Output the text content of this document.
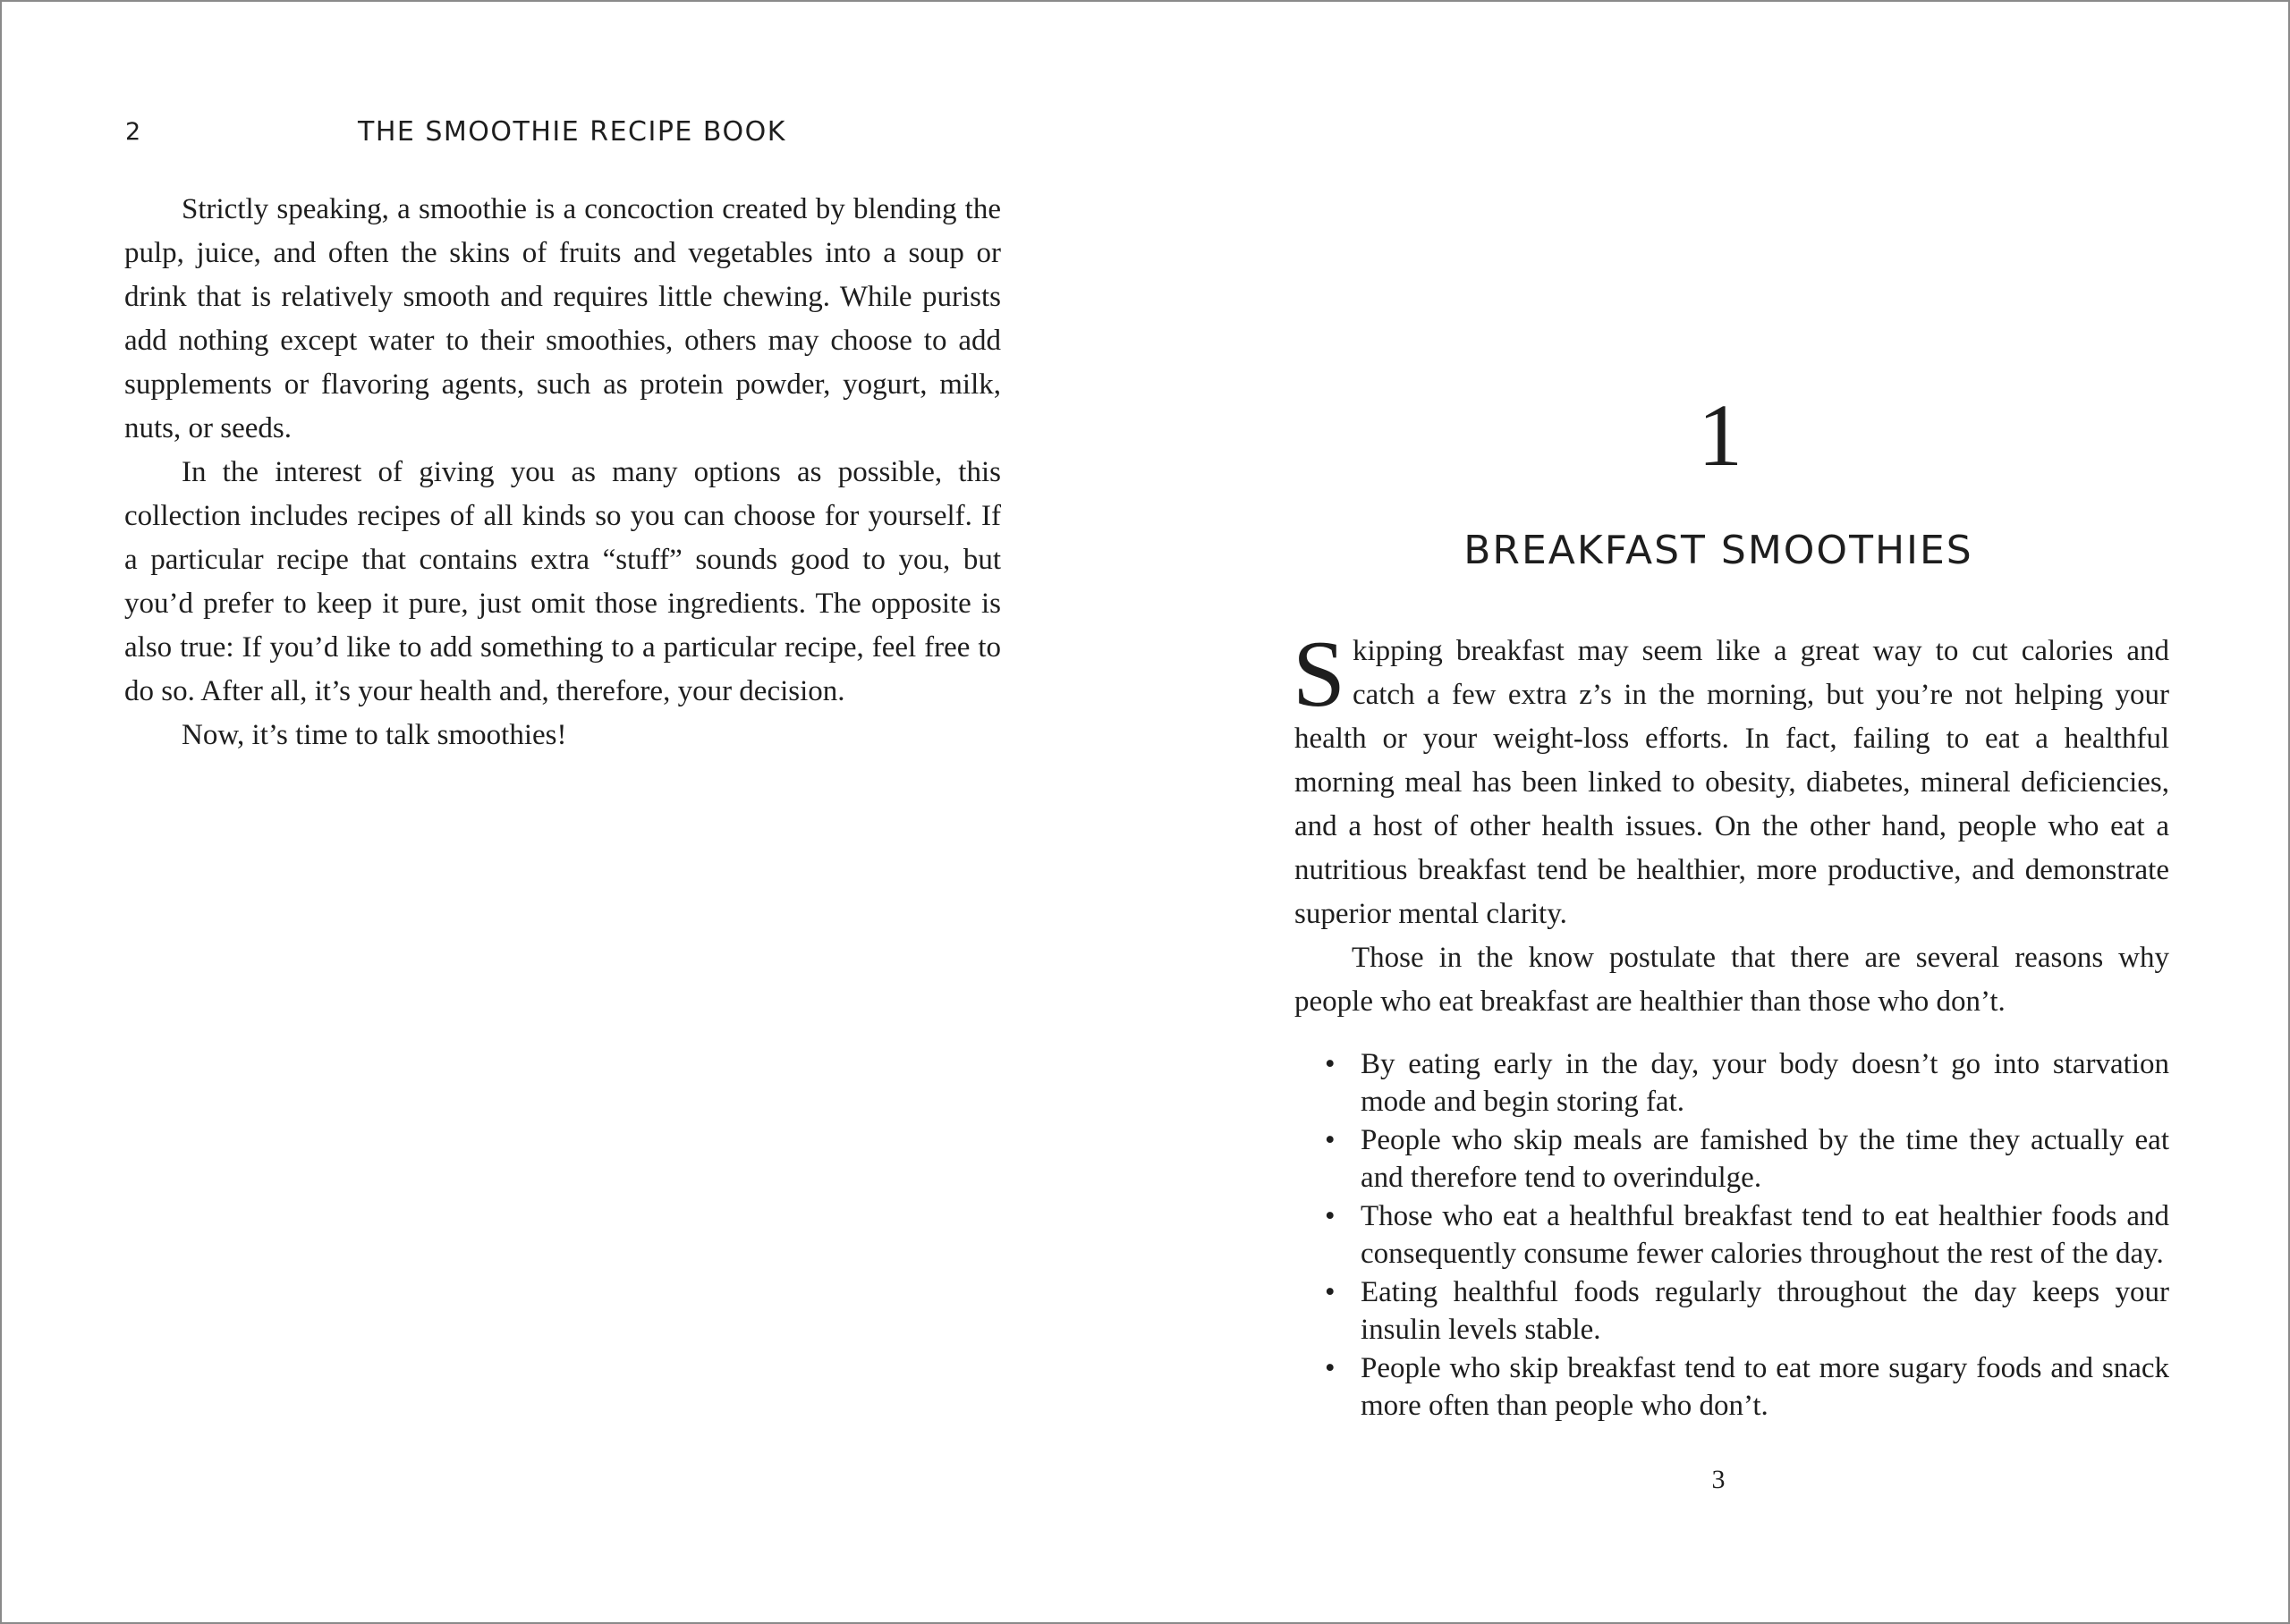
2	THE SMOOTHIE RECIPE BOOK

Strictly speaking, a smoothie is a concoction created by blending the pulp, juice, and often the skins of fruits and vegetables into a soup or drink that is relatively smooth and requires little chewing. While purists add nothing except water to their smoothies, others may choose to add supplements or flavoring agents, such as protein powder, yogurt, milk, nuts, or seeds.

In the interest of giving you as many options as possible, this collection includes recipes of all kinds so you can choose for yourself. If a particular recipe that contains extra “stuff” sounds good to you, but you’d prefer to keep it pure, just omit those ingredients. The opposite is also true: If you’d like to add something to a particular recipe, feel free to do so. After all, it’s your health and, therefore, your decision.

Now, it’s time to talk smoothies!

1
BREAKFAST SMOOTHIES

Skipping breakfast may seem like a great way to cut calories and catch a few extra z’s in the morning, but you’re not helping your health or your weight-loss efforts. In fact, failing to eat a healthful morning meal has been linked to obesity, diabetes, mineral deficiencies, and a host of other health issues. On the other hand, people who eat a nutritious breakfast tend be healthier, more productive, and demonstrate superior mental clarity.

Those in the know postulate that there are several reasons why people who eat breakfast are healthier than those who don’t.

• By eating early in the day, your body doesn’t go into starvation mode and begin storing fat.
• People who skip meals are famished by the time they actually eat and therefore tend to overindulge.
• Those who eat a healthful breakfast tend to eat healthier foods and consequently consume fewer calories throughout the rest of the day.
• Eating healthful foods regularly throughout the day keeps your insulin levels stable.
• People who skip breakfast tend to eat more sugary foods and snack more often than people who don’t.
3
